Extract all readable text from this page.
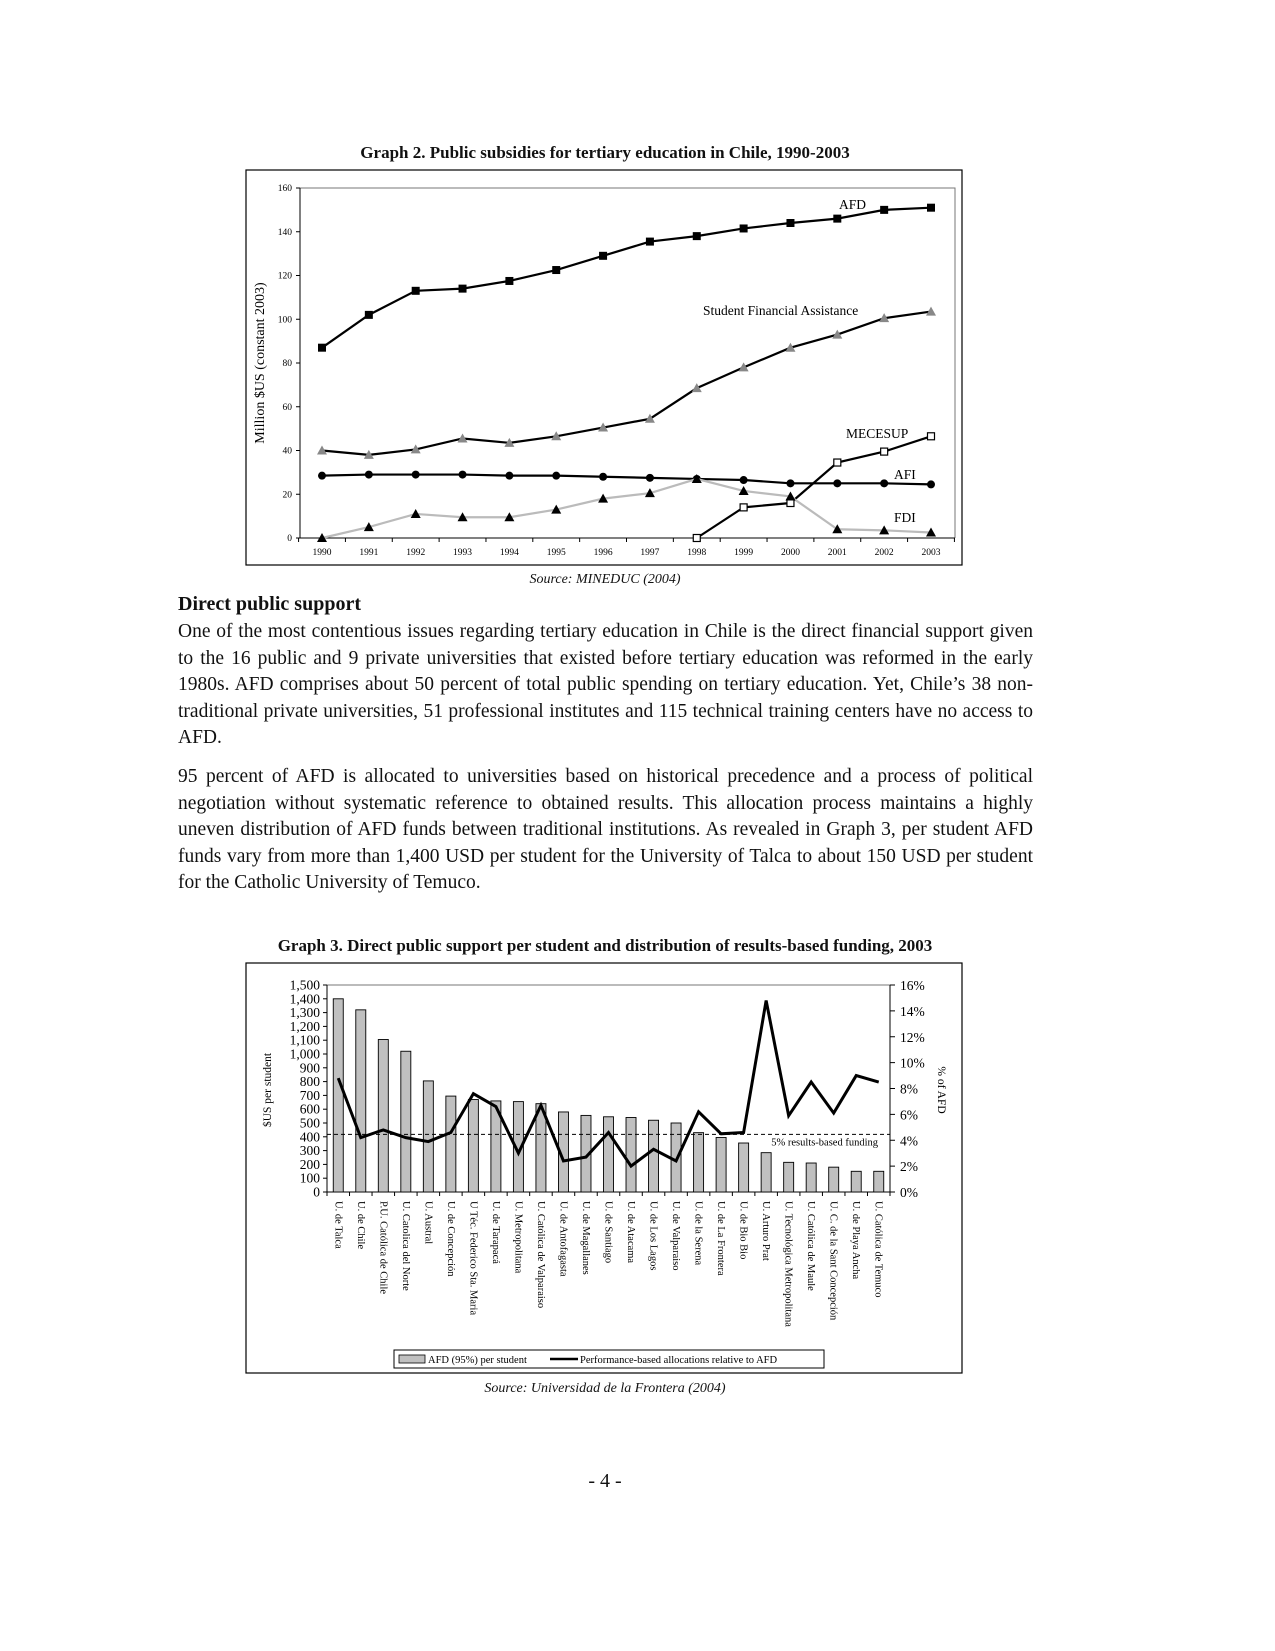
Graph 2. Public subsidies for tertiary education in Chile, 1990-2003
0
20
40
60
80
100
120
140
160
1990	1991	1992	1993	1994	1995	1996	1997	1998	1999	2000	2001	2002	2003
Million $US (constant 2003)
AFD
Student Financial Assistance
MECESUP
AFI
FDI
Source: MINEDUC (2004)
Direct public support
One of the most contentious issues regarding tertiary education in Chile is the direct financial support given to the 16 public and 9 private universities that existed before tertiary education was reformed in the early 1980s. AFD comprises about 50 percent of total public spending on tertiary education. Yet, Chile’s 38 non-traditional private universities, 51 professional institutes and 115 technical training centers have no access to AFD.
95 percent of AFD is allocated to universities based on historical precedence and a process of political negotiation without systematic reference to obtained results. This allocation process maintains a highly uneven distribution of AFD funds between traditional institutions. As revealed in Graph 3, per student AFD funds vary from more than 1,400 USD per student for the University of Talca to about 150 USD per student for the Catholic University of Temuco.
Graph 3. Direct public support per student and distribution of results-based funding, 2003
0
100
200
300
400
500
600
700
800
900
1,000
1,100
1,200
1,300
1,400
1,500
0%
2%
4%
6%
8%
10%
12%
14%
16%
5% results-based funding
U. de Talca U. de Chile P.U. Católica de Chile U. Catolica del Norte U. Austral U. de Concepción U Téc. Federico Sta. Maria U. de Tarapacá U. Metropolitana U. Católica de Valparaiso U. de Antofagasta U. de Magallanes U. de Santiago U. de Atacama U. de Los Lagos U. de Valparaiso U. de la Serena U. de La Frontera U. de Bio Bio U. Arturo Prat U. Tecnológica Metropolitana U. Católica de Maule U. C. de la Sant Concepción U. de Playa Ancha U. Católica de Temuco
$US per student	% of AFD
AFD (95%) per student	Performance-based allocations relative to AFD
Source: Universidad de la Frontera (2004)
- 4 -
